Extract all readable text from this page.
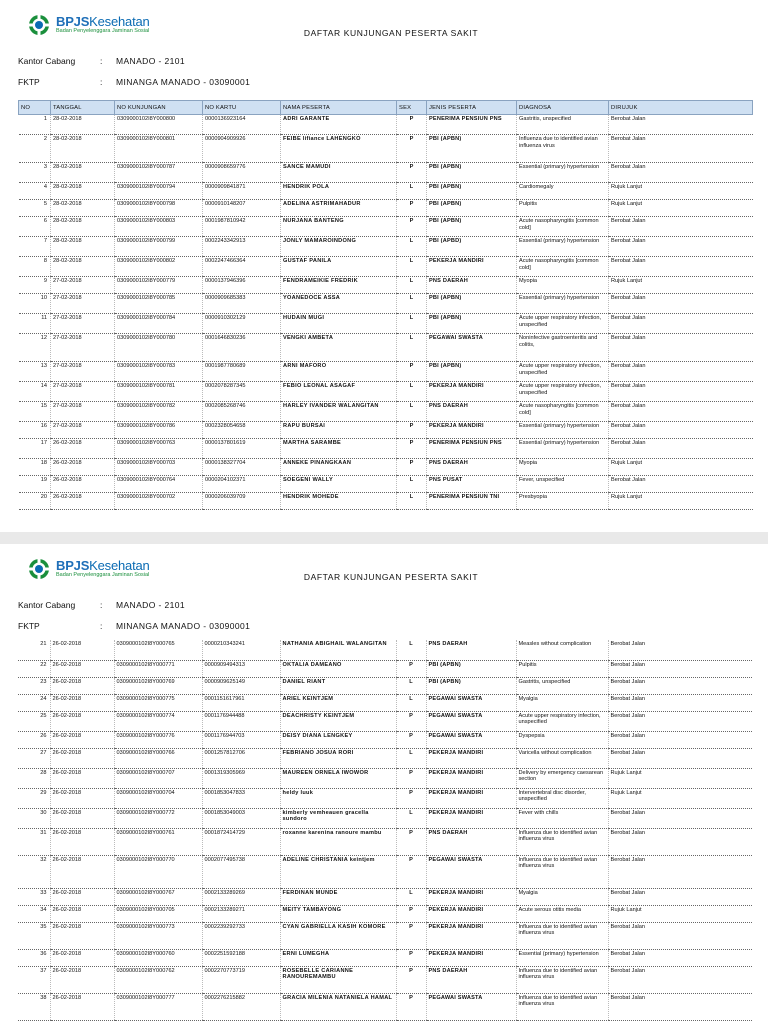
BPJSKesehatan
Badan Penyelenggara Jaminan Sosial	DAFTAR KUNJUNGAN PESERTA SAKIT
Kantor Cabang	: MANADO - 2101
FKTP	: MINANGA MANADO - 03090001
NO	TANGGAL	NO KUNJUNGAN	NO KARTU	NAMA PESERTA	SEX	JENIS PESERTA	DIAGNOSA	DIRUJUK
1	28-02-2018	0309000102I8Y000800	0000136923164	ADRI GARANTE	P	PENERIMA PENSIUN PNS	Gastritis, unspecified	Berobat Jalan
2	28-02-2018	0309000102I8Y000801	0000904909926	FEIBE lifiance LAHENGKO	P	PBI (APBN)	Influenza due to identified avian influenza virus	Berobat Jalan
3	28-02-2018	0309000102I8Y000787	0000908659776	SANCE MAMUDI	P	PBI (APBN)	Essential (primary) hypertension	Berobat Jalan
4	28-02-2018	0309000102I8Y000794	0000909841871	HENDRIK POLA	L	PBI (APBN)	Cardiomegaly	Rujuk Lanjut
5	28-02-2018	0309000102I8Y000798	0000910148207	ADELINA ASTRIMAHADUR	P	PBI (APBN)	Pulpitis	Rujuk Lanjut
6	28-02-2018	0309000102I8Y000803	0001987810942	NURJANA BANTENG	P	PBI (APBN)	Acute nasopharyngitis [common cold]	Berobat Jalan
7	28-02-2018	0309000102I8Y000799	0002243342913	JONLY MAMAROINDONG	L	PBI (APBD)	Essential (primary) hypertension	Berobat Jalan
8	28-02-2018	0309000102I8Y000802	0002247466364	GUSTAF PANILA	L	PEKERJA MANDIRI	Acute nasopharyngitis [common cold]	Berobat Jalan
9	27-02-2018	0309000102I8Y000779	0000137946396	FENDRAMEIKIE FREDRIK	L	PNS DAERAH	Myopia	Rujuk Lanjut
10	27-02-2018	0309000102I8Y000785	0000909685383	YOANEDOCE ASSA	L	PBI (APBN)	Essential (primary) hypertension	Berobat Jalan
11	27-02-2018	0309000102I8Y000784	0000910302129	HUDAIN MUGI	L	PBI (APBN)	Acute upper respiratory infection, unspecified	Berobat Jalan
12	27-02-2018	0309000102I8Y000780	0001646830236	VENGKI AMBETA	L	PEGAWAI SWASTA	Noninfective gastroenteritis and colitis,	Berobat Jalan
13	27-02-2018	0309000102I8Y000783	0001987780689	ARNI MAFORO	P	PBI (APBN)	Acute upper respiratory infection, unspecified	Berobat Jalan
14	27-02-2018	0309000102I8Y000781	0002078287345	FEBIO LEONAL ASAGAF	L	PEKERJA MANDIRI	Acute upper respiratory infection, unspecified	Berobat Jalan
15	27-02-2018	0309000102I8Y000782	0002085268746	HARLEY IVANDER WALANGITAN	L	PNS DAERAH	Acute nasopharyngitis [common cold]	Berobat Jalan
16	27-02-2018	0309000102I8Y000786	0002328054658	RAPU BURSAI	P	PEKERJA MANDIRI	Essential (primary) hypertension	Berobat Jalan
17	26-02-2018	0309000102I8Y000763	0000137801619	MARTHA SARAMBE	P	PENERIMA PENSIUN PNS	Essential (primary) hypertension	Berobat Jalan
18	26-02-2018	0309000102I8Y000703	0000138327704	ANNEKE PINANGKAAN	P	PNS DAERAH	Myopia	Rujuk Lanjut
19	26-02-2018	0309000102I8Y000764	0000204102371	SOEGENI WALLY	L	PNS PUSAT	Fever, unspecified	Berobat Jalan
20	26-02-2018	0309000102I8Y000702	0000206039709	HENDRIK MOHEDE	L	PENERIMA PENSIUN TNI	Presbyopia	Rujuk Lanjut
BPJSKesehatan
Badan Penyelenggara Jaminan Sosial	DAFTAR KUNJUNGAN PESERTA SAKIT
Kantor Cabang	: MANADO - 2101
FKTP	: MINANGA MANADO - 03090001
21	26-02-2018	0309000102I8Y000765	0000210343241	NATHANIA ABIGHAIL WALANGITAN	L	PNS DAERAH	Measles without complication	Berobat Jalan
22	26-02-2018	0309000102I8Y000771	0000909494313	OKTALIA DAMEANO	P	PBI (APBN)	Pulpitis	Berobat Jalan
23	26-02-2018	0309000102I8Y000769	0000909625149	DANIEL RIANT	L	PBI (APBN)	Gastritis, unspecified	Berobat Jalan
24	26-02-2018	0309000102I8Y000775	0001151617961	ARIEL KEINTJEM	L	PEGAWAI SWASTA	Myalgia	Berobat Jalan
25	26-02-2018	0309000102I8Y000774	0001176944488	DEACHRISTY KEINTJEM	P	PEGAWAI SWASTA	Acute upper respiratory infection, unspecified	Berobat Jalan
26	26-02-2018	0309000102I8Y000776	0001176944703	DEISY DIANA LENGKEY	P	PEGAWAI SWASTA	Dyspepsia	Berobat Jalan
27	26-02-2018	0309000102I8Y000766	0001257812706	FEBRIANO JOSUA RORI	L	PEKERJA MANDIRI	Varicella without complication	Berobat Jalan
28	26-02-2018	0309000102I8Y000707	0001319305969	MAUREEN ORNELA IWOWOR	P	PEKERJA MANDIRI	Delivery by emergency caesarean section	Rujuk Lanjut
29	26-02-2018	0309000102I8Y000704	0001853047833	heldy luuk	P	PEKERJA MANDIRI	Intervertebral disc disorder, unspecified	Rujuk Lanjut
30	26-02-2018	0309000102I8Y000772	0001853049003	kimberly vemheauen gracella sundoro	L	PEKERJA MANDIRI	Fever with chills	Berobat Jalan
31	26-02-2018	0309000102I8Y000761	0001872414729	roxanne karenina ranoure mambu	P	PNS DAERAH	Influenza due to identified avian influenza virus	Berobat Jalan
32	26-02-2018	0309000102I8Y000770	0002077495738	ADELINE CHRISTANIA keintjem	P	PEGAWAI SWASTA	Influenza due to identified avian influenza virus	Berobat Jalan
33	26-02-2018	0309000102I8Y000767	0002133289269	FERDINAN MUNDE	L	PEKERJA MANDIRI	Myalgia	Berobat Jalan
34	26-02-2018	0309000102I8Y000705	0002133289271	MEITY TAMBAYONG	P	PEKERJA MANDIRI	Acute serous otitis media	Rujuk Lanjut
35	26-02-2018	0309000102I8Y000773	0002239292733	CYAN GABRIELLA KASIH KOMORE	P	PEKERJA MANDIRI	Influenza due to identified avian influenza virus	Berobat Jalan
36	26-02-2018	0309000102I8Y000760	0002251592188	ERNI LUMEGHA	P	PEKERJA MANDIRI	Essential (primary) hypertension	Berobat Jalan
37	26-02-2018	0309000102I8Y000762	0002270773719	ROSEBELLE CARIANNE RANOUREMAMBU	P	PNS DAERAH	Influenza due to identified avian influenza virus	Berobat Jalan
38	26-02-2018	0309000102I8Y000777	0002276215882	GRACIA MILENIA NATANIELA HAMAL	P	PEGAWAI SWASTA	Influenza due to identified avian influenza virus	Berobat Jalan
